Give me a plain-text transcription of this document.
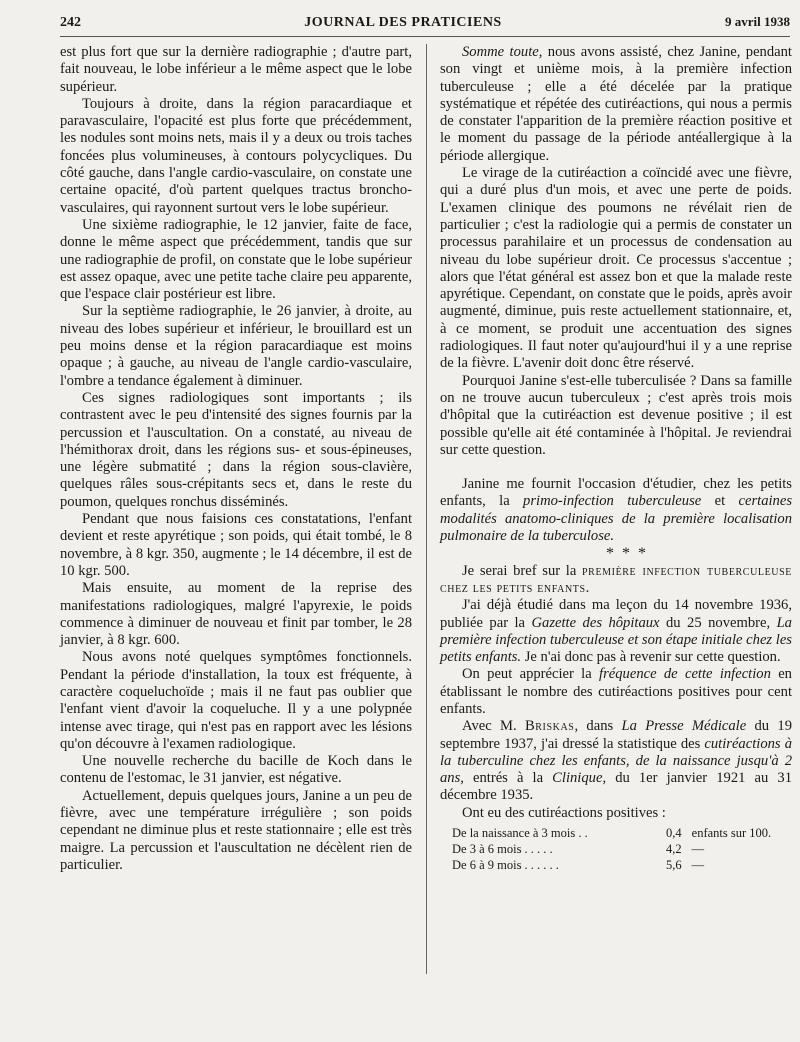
242	JOURNAL DES PRATICIENS	9 avril 1938

est plus fort que sur la dernière radiographie ; d'autre part, fait nouveau, le lobe inférieur a le même aspect que le lobe supérieur.

Toujours à droite, dans la région paracardiaque et paravasculaire, l'opacité est plus forte que précédemment, les nodules sont moins nets, mais il y a deux ou trois taches foncées plus volumineuses, à contours polycycliques. Du côté gauche, dans l'angle cardio-vasculaire, on constate une certaine opacité, d'où partent quelques tractus broncho-vasculaires, qui rayonnent surtout vers le lobe supérieur.

Une sixième radiographie, le 12 janvier, faite de face, donne le même aspect que précédemment, tandis que sur une radiographie de profil, on constate que le lobe supérieur est assez opaque, avec une petite tache claire peu apparente, que l'espace clair postérieur est libre.

Sur la septième radiographie, le 26 janvier, à droite, au niveau des lobes supérieur et inférieur, le brouillard est un peu moins dense et la région paracardiaque est moins opaque ; à gauche, au niveau de l'angle cardio-vasculaire, l'ombre a tendance également à diminuer.

Ces signes radiologiques sont importants ; ils contrastent avec le peu d'intensité des signes fournis par la percussion et l'auscultation. On a constaté, au niveau de l'hémithorax droit, dans les régions sus- et sous-épineuses, une légère submatité ; dans la région sous-clavière, quelques râles sous-crépitants secs et, dans le reste du poumon, quelques ronchus disséminés.

Pendant que nous faisions ces constatations, l'enfant devient et reste apyrétique ; son poids, qui était tombé, le 8 novembre, à 8 kgr. 350, augmente ; le 14 décembre, il est de 10 kgr. 500.

Mais ensuite, au moment de la reprise des manifestations radiologiques, malgré l'apyrexie, le poids commence à diminuer de nouveau et finit par tomber, le 28 janvier, à 8 kgr. 600.

Nous avons noté quelques symptômes fonctionnels. Pendant la période d'installation, la toux est fréquente, à caractère coqueluchoïde ; mais il ne faut pas oublier que l'enfant vient d'avoir la coqueluche. Il y a une polypnée intense avec tirage, qui n'est pas en rapport avec les lésions qu'on découvre à l'examen radiologique.

Une nouvelle recherche du bacille de Koch dans le contenu de l'estomac, le 31 janvier, est négative.

Actuellement, depuis quelques jours, Janine a un peu de fièvre, avec une température irrégulière ; son poids cependant ne diminue plus et reste stationnaire ; elle est très maigre. La percussion et l'auscultation ne décèlent rien de particulier.

Somme toute, nous avons assisté, chez Janine, pendant son vingt et unième mois, à la première infection tuberculeuse ; elle a été décelée par la pratique systématique et répétée des cutiréactions, qui nous a permis de constater l'apparition de la première réaction positive et le moment du passage de la période antéallergique à la période allergique.

Le virage de la cutiréaction a coïncidé avec une fièvre, qui a duré plus d'un mois, et avec une perte de poids. L'examen clinique des poumons ne révélait rien de particulier ; c'est la radiologie qui a permis de constater un processus parahilaire et un processus de condensation au niveau du lobe supérieur droit. Ce processus s'accentue ; alors que l'état général est assez bon et que la malade reste apyrétique. Cependant, on constate que le poids, après avoir augmenté, diminue, puis reste actuellement stationnaire, et, à ce moment, se produit une accentuation des signes radiologiques. Il faut noter qu'aujourd'hui il y a une reprise de la fièvre. L'avenir doit donc être réservé.

Pourquoi Janine s'est-elle tuberculisée ? Dans sa famille on ne trouve aucun tuberculeux ; c'est après trois mois d'hôpital que la cutiréaction est devenue positive ; il est possible qu'elle ait été contaminée à l'hôpital. Je reviendrai sur cette question.

Janine me fournit l'occasion d'étudier, chez les petits enfants, la primo-infection tuberculeuse et certaines modalités anatomo-cliniques de la première localisation pulmonaire de la tuberculose.

* * *

Je serai bref sur la première infection tuberculeuse chez les petits enfants.

J'ai déjà étudié dans ma leçon du 14 novembre 1936, publiée par la Gazette des hôpitaux du 25 novembre, La première infection tuberculeuse et son étape initiale chez les petits enfants. Je n'ai donc pas à revenir sur cette question.

On peut apprécier la fréquence de cette infection en établissant le nombre des cutiréactions positives pour cent enfants.

Avec M. Briskas, dans La Presse Médicale du 19 septembre 1937, j'ai dressé la statistique des cutiréactions à la tuberculine chez les enfants, de la naissance jusqu'à 2 ans, entrés à la Clinique, du 1er janvier 1921 au 31 décembre 1935.

Ont eu des cutiréactions positives :

De la naissance à 3 mois . .	0,4	enfants sur 100.
De 3 à 6 mois . . . . .	4,2	—
De 6 à 9 mois . . . . . .	5,6	—
